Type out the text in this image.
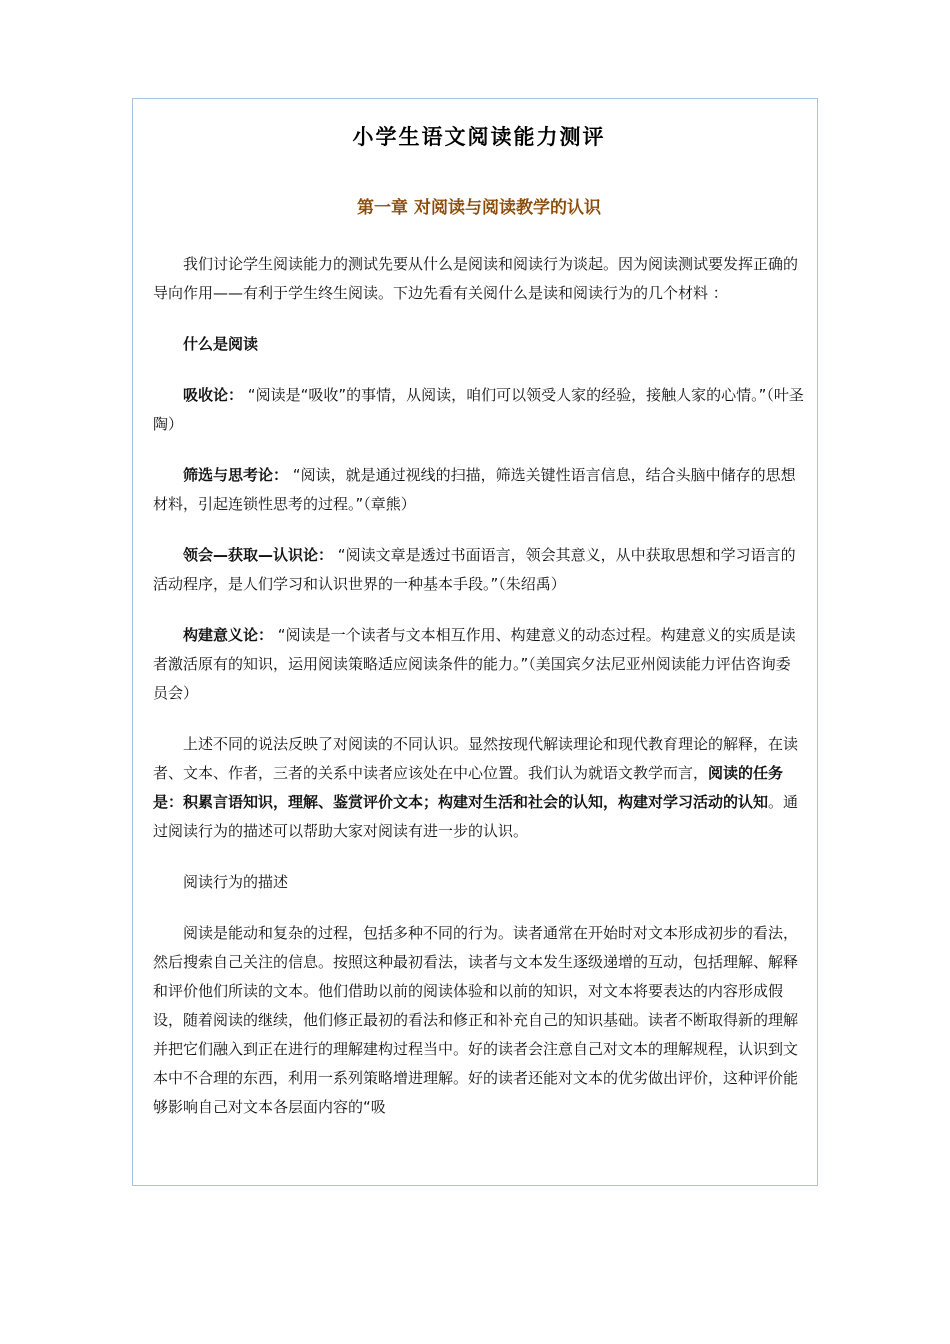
小学生语文阅读能力测评
第一章 对阅读与阅读教学的认识

我们讨论学生阅读能力的测试先要从什么是阅读和阅读行为谈起。因为阅读测试要发挥正确的导向作用——有利于学生终生阅读。下边先看有关阅什么是读和阅读行为的几个材料 ：

什么是阅读

吸收论： “阅读是“吸收”的事情，从阅读，咱们可以领受人家的经验，接触人家的心情。”（叶圣陶）

筛选与思考论： “阅读，就是通过视线的扫描，筛选关键性语言信息，结合头脑中储存的思想材料，引起连锁性思考的过程。”（章熊）

领会—获取—认识论： “阅读文章是透过书面语言，领会其意义，从中获取思想和学习语言的活动程序，是人们学习和认识世界的一种基本手段。”（朱绍禹）

构建意义论： “阅读是一个读者与文本相互作用、构建意义的动态过程。构建意义的实质是读者激活原有的知识，运用阅读策略适应阅读条件的能力。”（美国宾夕法尼亚州阅读能力评估咨询委员会）

上述不同的说法反映了对阅读的不同认识。显然按现代解读理论和现代教育理论的解释，在读者、文本、作者，三者的关系中读者应该处在中心位置。我们认为就语文教学而言，阅读的任务是：积累言语知识，理解、鉴赏评价文本；构建对生活和社会的认知，构建对学习活动的认知。通过阅读行为的描述可以帮助大家对阅读有进一步的认识。

阅读行为的描述

阅读是能动和复杂的过程，包括多种不同的行为。读者通常在开始时对文本形成初步的看法，然后搜索自己关注的信息。按照这种最初看法，读者与文本发生逐级递增的互动，包括理解、解释和评价他们所读的文本。他们借助以前的阅读体验和以前的知识，对文本将要表达的内容形成假设，随着阅读的继续，他们修正最初的看法和修正和补充自己的知识基础。读者不断取得新的理解并把它们融入到正在进行的理解建构过程当中。好的读者会注意自己对文本的理解规程，认识到文本中不合理的东西，利用一系列策略增进理解。好的读者还能对文本的优劣做出评价，这种评价能够影响自己对文本各层面内容的“吸
